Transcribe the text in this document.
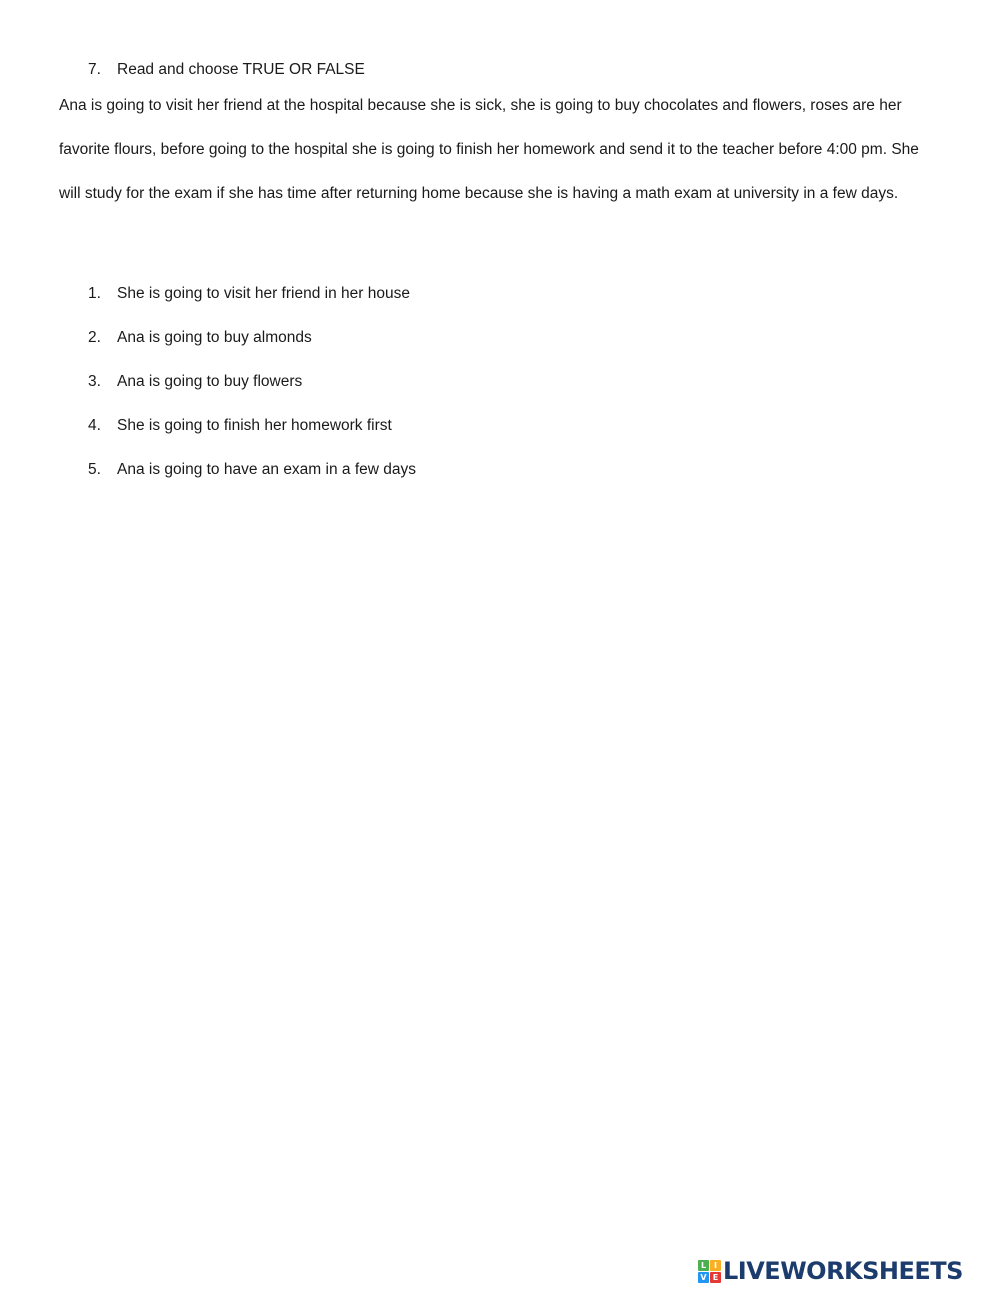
7.	Read and choose TRUE OR FALSE

Ana is going to visit her friend at the hospital because she is sick, she is going to buy chocolates and flowers, roses are her favorite flours, before going to the hospital she is going to finish her homework and send it to the teacher before 4:00 pm. She will study for the exam if she has time after returning home because she is having a math exam at university in a few days.

1.	She is going to visit her friend in her house
2.	Ana is going to buy almonds
3.	Ana is going to buy flowers
4.	She is going to finish her homework first
5.	Ana is going to have an exam in a few days
L I
V E LIVEWORKSHEETS
